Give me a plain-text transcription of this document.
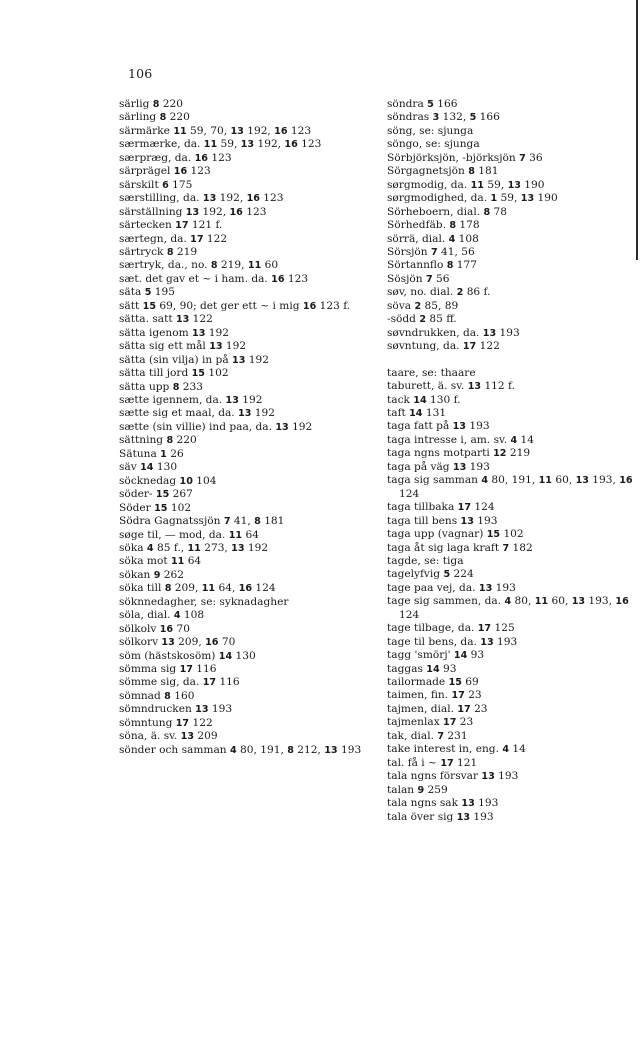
106
särlig 8 220
särling 8 220
särmärke 11 59, 70, 13 192, 16 123
særmærke, da. 11 59, 13 192, 16 123
særpræg, da. 16 123
särprägel 16 123
särskilt 6 175
særstilling, da. 13 192, 16 123
särställning 13 192, 16 123
särtecken 17 121 f.
særtegn, da. 17 122
särtryck 8 219
særtryk, da., no. 8 219, 11 60
sæt. det gav et ~ i ham. da. 16 123
säta 5 195
sätt 15 69, 90; det ger ett ~ i mig 16 123 f.
sätta. satt 13 122
sätta igenom 13 192
sätta sig ett mål 13 192
sätta (sin vilja) in på 13 192
sätta till jord 15 102
sätta upp 8 233
sætte igennem, da. 13 192
sætte sig et maal, da. 13 192
sætte (sin villie) ind paa, da. 13 192
sättning 8 220
Sätuna 1 26
säv 14 130
söcknedag 10 104
söder- 15 267
Söder 15 102
Södra Gagnatssjön 7 41, 8 181
søge til, — mod, da. 11 64
söka 4 85 f., 11 273, 13 192
söka mot 11 64
sökan 9 262
söka till 8 209, 11 64, 16 124
söknnedagher, se: syknadagher
söla, dial. 4 108
sölkolv 16 70
sölkorv 13 209, 16 70
söm (hästskosöm) 14 130
sömma sig 17 116
sömme sig, da. 17 116
sömnad 8 160
sömndrucken 13 193
sömntung 17 122
söna, ä. sv. 13 209
sönder och samman 4 80, 191, 8 212, 13 193
söndra 5 166
söndras 3 132, 5 166
söng, se: sjunga
söngo, se: sjunga
Sörbjörksjön, -björksjön 7 36
Sörgagnetsjön 8 181
sørgmodig, da. 11 59, 13 190
sørgmodighed, da. 1 59, 13 190
Sörheboern, dial. 8 78
Sörhedfäb. 8 178
sörrä, dial. 4 108
Sörsjön 7 41, 56
Sörtannflo 8 177
Sösjön 7 56
søv, no. dial. 2 86 f.
söva 2 85, 89
-södd 2 85 ff.
søvndrukken, da. 13 193
søvntung, da. 17 122
taare, se: thaare
taburett, ä. sv. 13 112 f.
tack 14 130 f.
taft 14 131
taga fatt på 13 193
taga intresse i, am. sv. 4 14
taga ngns motparti 12 219
taga på väg 13 193
taga sig samman 4 80, 191, 11 60, 13 193, 16 124
taga tillbaka 17 124
taga till bens 13 193
taga upp (vagnar) 15 102
taga åt sig laga kraft 7 182
tagde, se: tiga
tagelyfvig 5 224
tage paa vej, da. 13 193
tage sig sammen, da. 4 80, 11 60, 13 193, 16 124
tage tilbage, da. 17 125
tage til bens, da. 13 193
tagg 'smörj' 14 93
taggas 14 93
tailormade 15 69
taimen, fin. 17 23
tajmen, dial. 17 23
tajmenlax 17 23
tak, dial. 7 231
take interest in, eng. 4 14
tal. få i ~ 17 121
tala ngns försvar 13 193
talan 9 259
tala ngns sak 13 193
tala över sig 13 193
